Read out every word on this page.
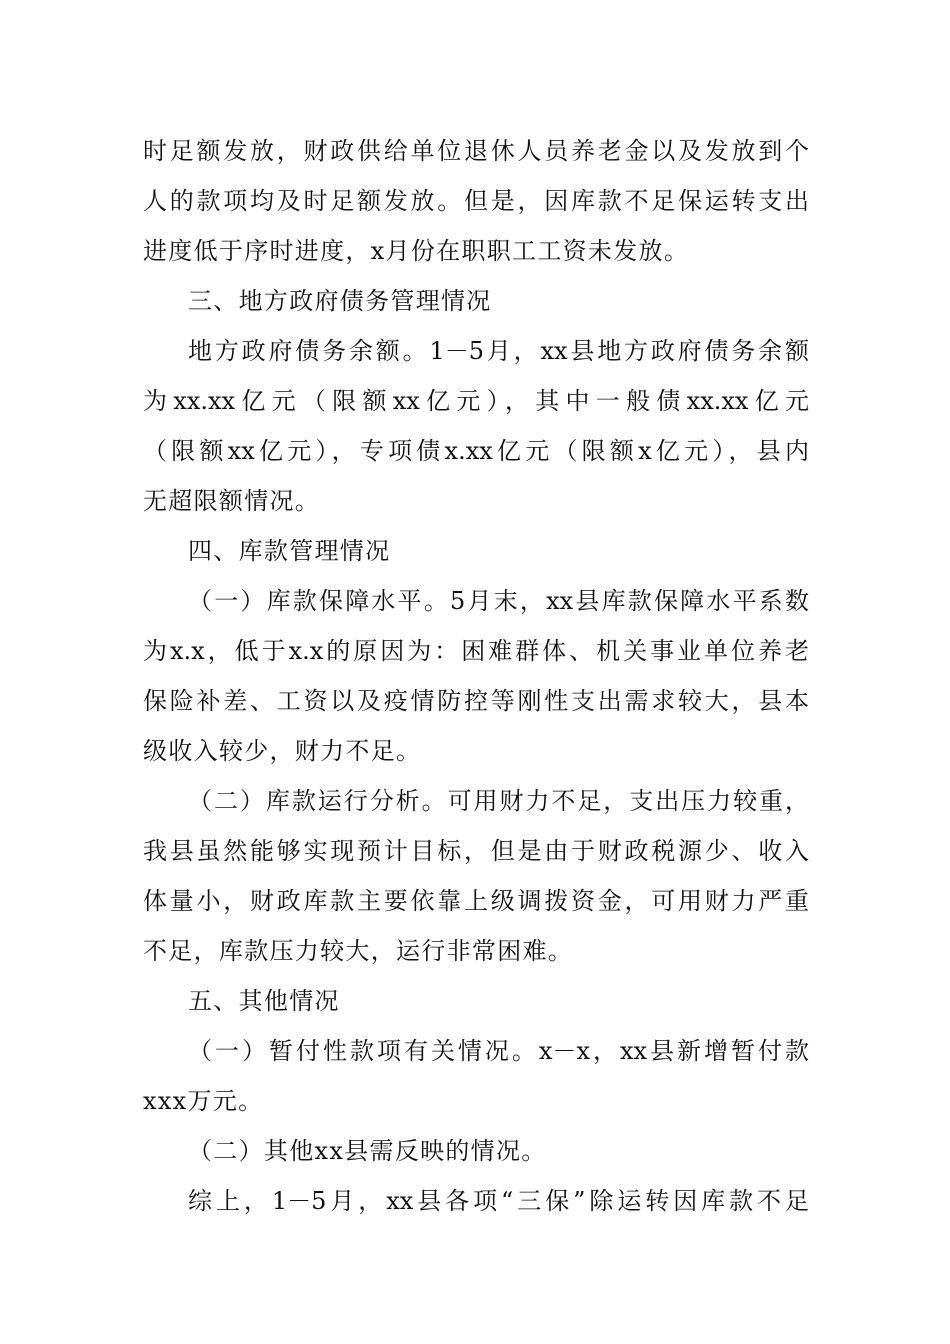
时足额发放，财政供给单位退休人员养老金以及发放到个
人的款项均及时足额发放。但是，因库款不足保运转支出
进度低于序时进度，x月份在职职工工资未发放。
三、地方政府债务管理情况
地方政府债务余额。1－5月，xx县地方政府债务余额
为xx.xx亿元（限额xx亿元），其中一般债xx.xx亿元
（限额xx亿元），专项债x.xx亿元（限额x亿元），县内
无超限额情况。
四、库款管理情况
（一）库款保障水平。5月末，xx县库款保障水平系数
为x.x，低于x.x的原因为：困难群体、机关事业单位养老
保险补差、工资以及疫情防控等刚性支出需求较大，县本
级收入较少，财力不足。
（二）库款运行分析。可用财力不足，支出压力较重，
我县虽然能够实现预计目标，但是由于财政税源少、收入
体量小，财政库款主要依靠上级调拨资金，可用财力严重
不足，库款压力较大，运行非常困难。
五、其他情况
（一）暂付性款项有关情况。x－x，xx县新增暂付款
xxx万元。
（二）其他xx县需反映的情况。
综上，1－5月，xx县各项“三保”除运转因库款不足
